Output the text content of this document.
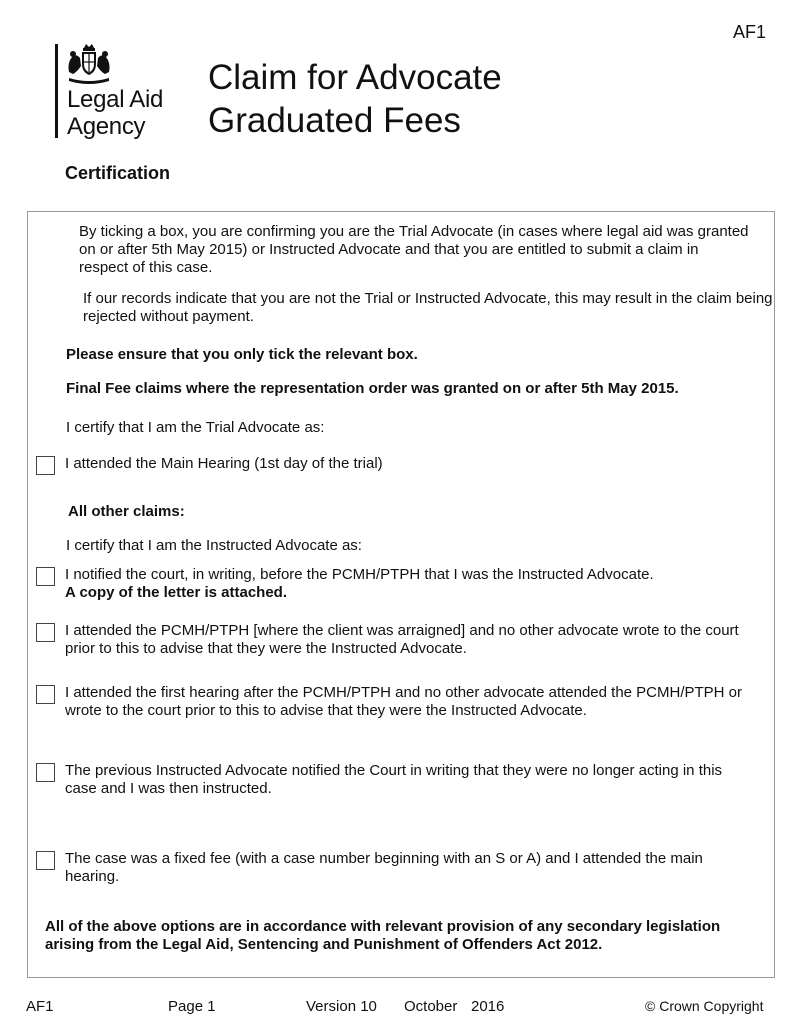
AF1
Legal Aid
Agency
Claim for Advocate
Graduated Fees
Certification
By ticking a box, you are confirming you are the Trial Advocate (in cases where legal aid was granted on or after 5th May 2015) or Instructed Advocate and that you are entitled to submit a claim in respect of this case.
If our records indicate that you are not the Trial or Instructed Advocate, this may result in the claim being rejected without payment.
Please ensure that you only tick the relevant box.
Final Fee claims where the representation order was granted on or after 5th May 2015.
I certify that I am the Trial Advocate as:
I attended the Main Hearing (1st day of the trial)
All other claims:
I certify that I am the Instructed Advocate as:
I notified the court, in writing, before the PCMH/PTPH that I was the Instructed Advocate.
A copy of the letter is attached.
I attended the PCMH/PTPH [where the client was arraigned] and no other advocate wrote to the court prior to this to advise that they were the Instructed Advocate.
I attended the first hearing after the PCMH/PTPH and no other advocate attended the PCMH/PTPH or wrote to the court prior to this to advise that they were the Instructed Advocate.
The previous Instructed Advocate notified the Court in writing that they were no longer acting in this case and I was then instructed.
The case was a fixed fee (with a case number beginning with an S or A) and I attended the main hearing.
All of the above options are in accordance with relevant provision of any secondary legislation arising from the Legal Aid, Sentencing and Punishment of Offenders Act 2012.
AF1	Page 1	Version 10 October 2016	© Crown Copyright
